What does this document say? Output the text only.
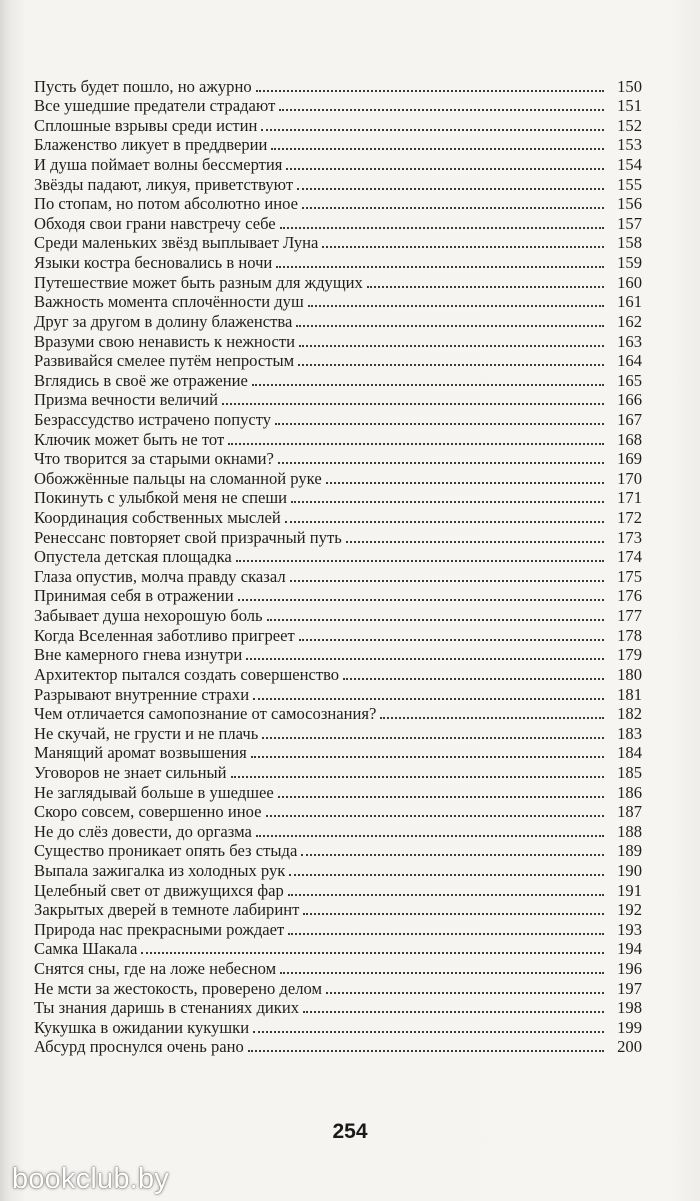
Пусть будет пошло, но ажурно	150
Все ушедшие предатели страдают	151
Сплошные взрывы среди истин	152
Блаженство ликует в преддверии	153
И душа поймает волны бессмертия	154
Звёзды падают, ликуя, приветствуют	155
По стопам, но потом абсолютно иное	156
Обходя свои грани навстречу себе	157
Среди маленьких звёзд выплывает Луна	158
Языки костра бесновались в ночи	159
Путешествие может быть разным для ждущих	160
Важность момента сплочённости душ	161
Друг за другом в долину блаженства	162
Вразуми свою ненависть к нежности	163
Развивайся смелее путём непростым	164
Вглядись в своё же отражение	165
Призма вечности величий	166
Безрассудство истрачено попусту	167
Ключик может быть не тот	168
Что творится за старыми окнами?	169
Обожжённые пальцы на сломанной руке	170
Покинуть с улыбкой меня не спеши	171
Координация собственных мыслей	172
Ренессанс повторяет свой призрачный путь	173
Опустела детская площадка	174
Глаза опустив, молча правду сказал	175
Принимая себя в отражении	176
Забывает душа нехорошую боль	177
Когда Вселенная заботливо пригреет	178
Вне камерного гнева изнутри	179
Архитектор пытался создать совершенство	180
Разрывают внутренние страхи	181
Чем отличается самопознание от самосознания?	182
Не скучай, не грусти и не плачь	183
Манящий аромат возвышения	184
Уговоров не знает сильный	185
Не заглядывай больше в ушедшее	186
Скоро совсем, совершенно иное	187
Не до слёз довести, до оргазма	188
Существо проникает опять без стыда	189
Выпала зажигалка из холодных рук	190
Целебный свет от движущихся фар	191
Закрытых дверей в темноте лабиринт	192
Природа нас прекрасными рождает	193
Самка Шакала	194
Снятся сны, где на ложе небесном	196
Не мсти за жестокость, проверено делом	197
Ты знания даришь в стенаниях диких	198
Кукушка в ожидании кукушки	199
Абсурд проснулся очень рано	200
254
bookclub.by
